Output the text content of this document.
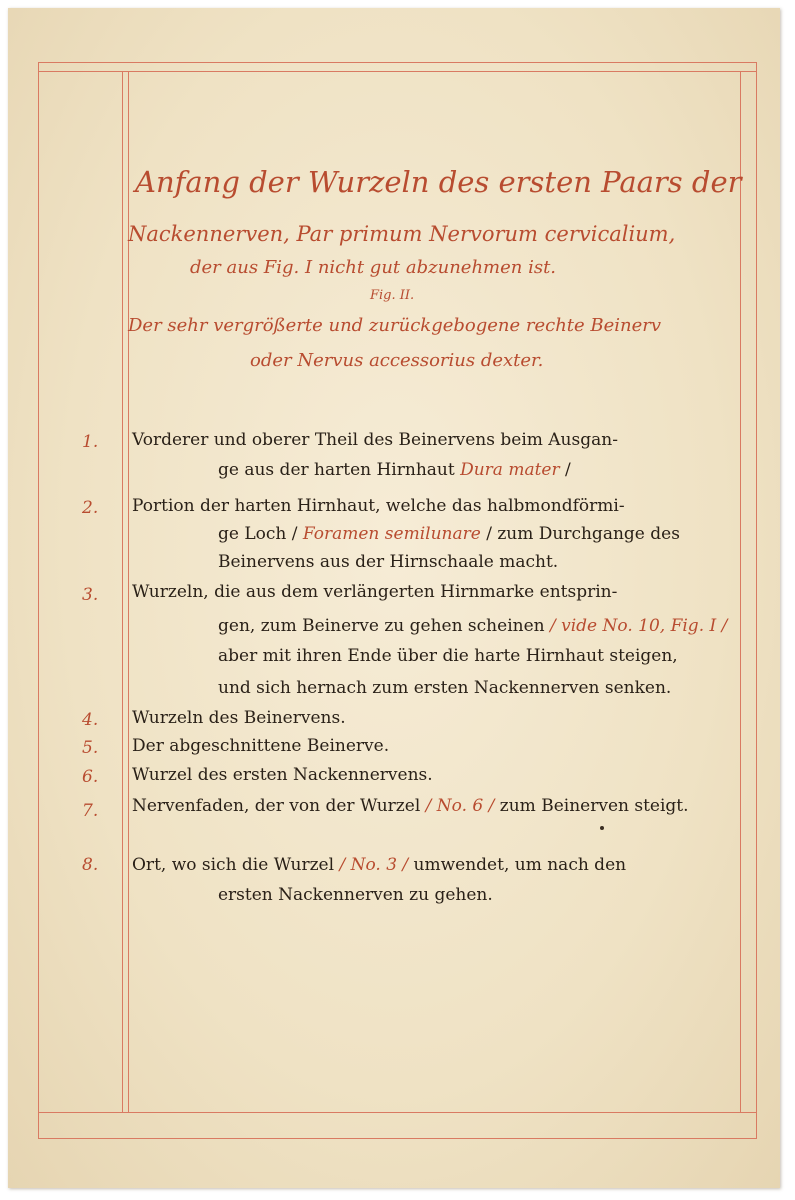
Anfang der Wurzeln des ersten Paars der
Nackennerven, Par primum Nervorum cervicalium,
der aus Fig. I nicht gut abzunehmen ist.
Fig. II.
Der sehr vergrößerte und zurückgebogene rechte Beinerv
oder Nervus accessorius dexter.
1. Vorderer und oberer Theil des Beinervens beim Ausgan-
ge aus der harten Hirnhaut Dura mater /
2. Portion der harten Hirnhaut, welche das halbmondförmi-
ge Loch / Foramen semilunare / zum Durchgange des
Beinervens aus der Hirnschaale macht.
3. Wurzeln, die aus dem verlängerten Hirnmarke entsprin-
gen, zum Beinerve zu gehen scheinen / vide No. 10, Fig. I /
aber mit ihren Ende über die harte Hirnhaut steigen,
und sich hernach zum ersten Nackennerven senken.
4. Wurzeln des Beinervens.
5. Der abgeschnittene Beinerve.
6. Wurzel des ersten Nackennervens.
7. Nervenfaden, der von der Wurzel / No. 6 / zum Beinerven steigt.
8. Ort, wo sich die Wurzel / No. 3 / umwendet, um nach den
ersten Nackennerven zu gehen.
